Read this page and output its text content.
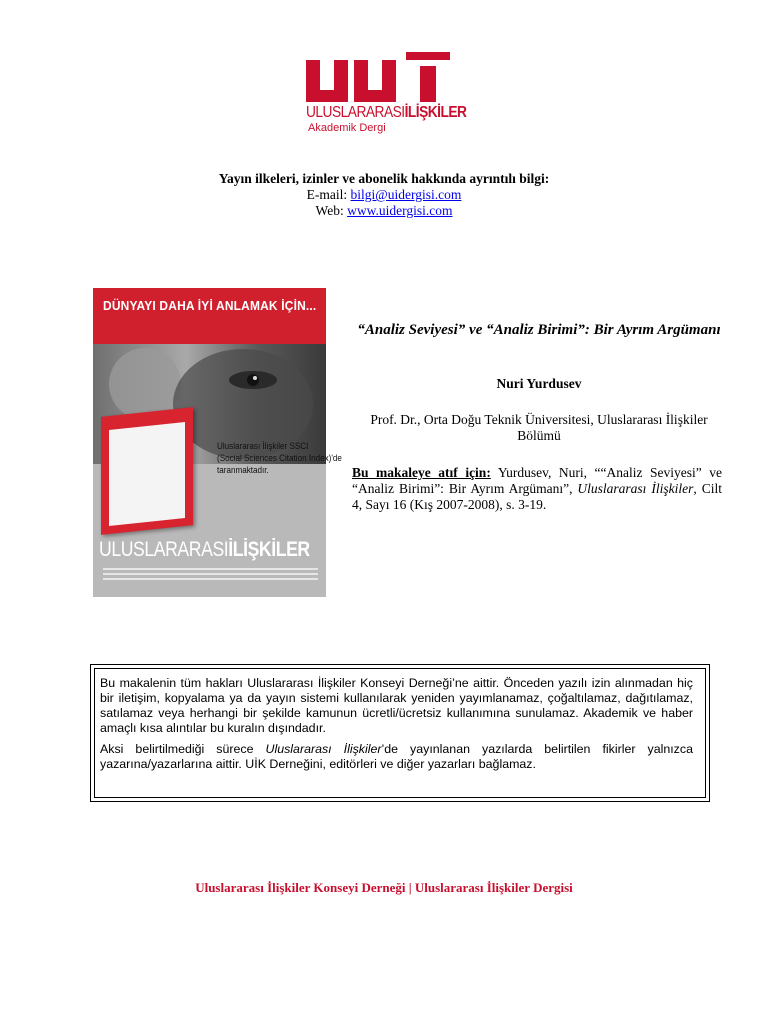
ULUSLARARASIİLİŞKİLER
Akademik Dergi
Yayın ilkeleri, izinler ve abonelik hakkında ayrıntılı bilgi:
E-mail: bilgi@uidergisi.com
Web: www.uidergisi.com
DÜNYAYI DAHA İYİ ANLAMAK İÇİN...
Uluslararası İlişkiler SSCI
(Social Sciences Citation Index)'de
taranmaktadır.
ULUSLARARASIİLİŞKİLER
“Analiz Seviyesi” ve “Analiz Birimi”: Bir Ayrım Argümanı
Nuri Yurdusev
Prof. Dr., Orta Doğu Teknik Üniversitesi, Uluslararası İlişkiler Bölümü
Bu makaleye atıf için: Yurdusev, Nuri, ““Analiz Seviyesi” ve “Analiz Birimi”: Bir Ayrım Argümanı”, Uluslararası İlişkiler, Cilt 4, Sayı 16 (Kış 2007-2008), s. 3-19.

Bu makalenin tüm hakları Uluslararası İlişkiler Konseyi Derneği’ne aittir. Önceden yazılı izin alınmadan hiç bir iletişim, kopyalama ya da yayın sistemi kullanılarak yeniden yayımlanamaz, çoğaltılamaz, dağıtılamaz, satılamaz veya herhangi bir şekilde kamunun ücretli/ücretsiz kullanımına sunulamaz. Akademik ve haber amaçlı kısa alıntılar bu kuralın dışındadır.

Aksi belirtilmediği sürece Uluslararası İlişkiler’de yayınlanan yazılarda belirtilen fikirler yalnızca yazarına/yazarlarına aittir. UİK Derneğini, editörleri ve diğer yazarları bağlamaz.

Uluslararası İlişkiler Konseyi Derneği | Uluslararası İlişkiler Dergisi
